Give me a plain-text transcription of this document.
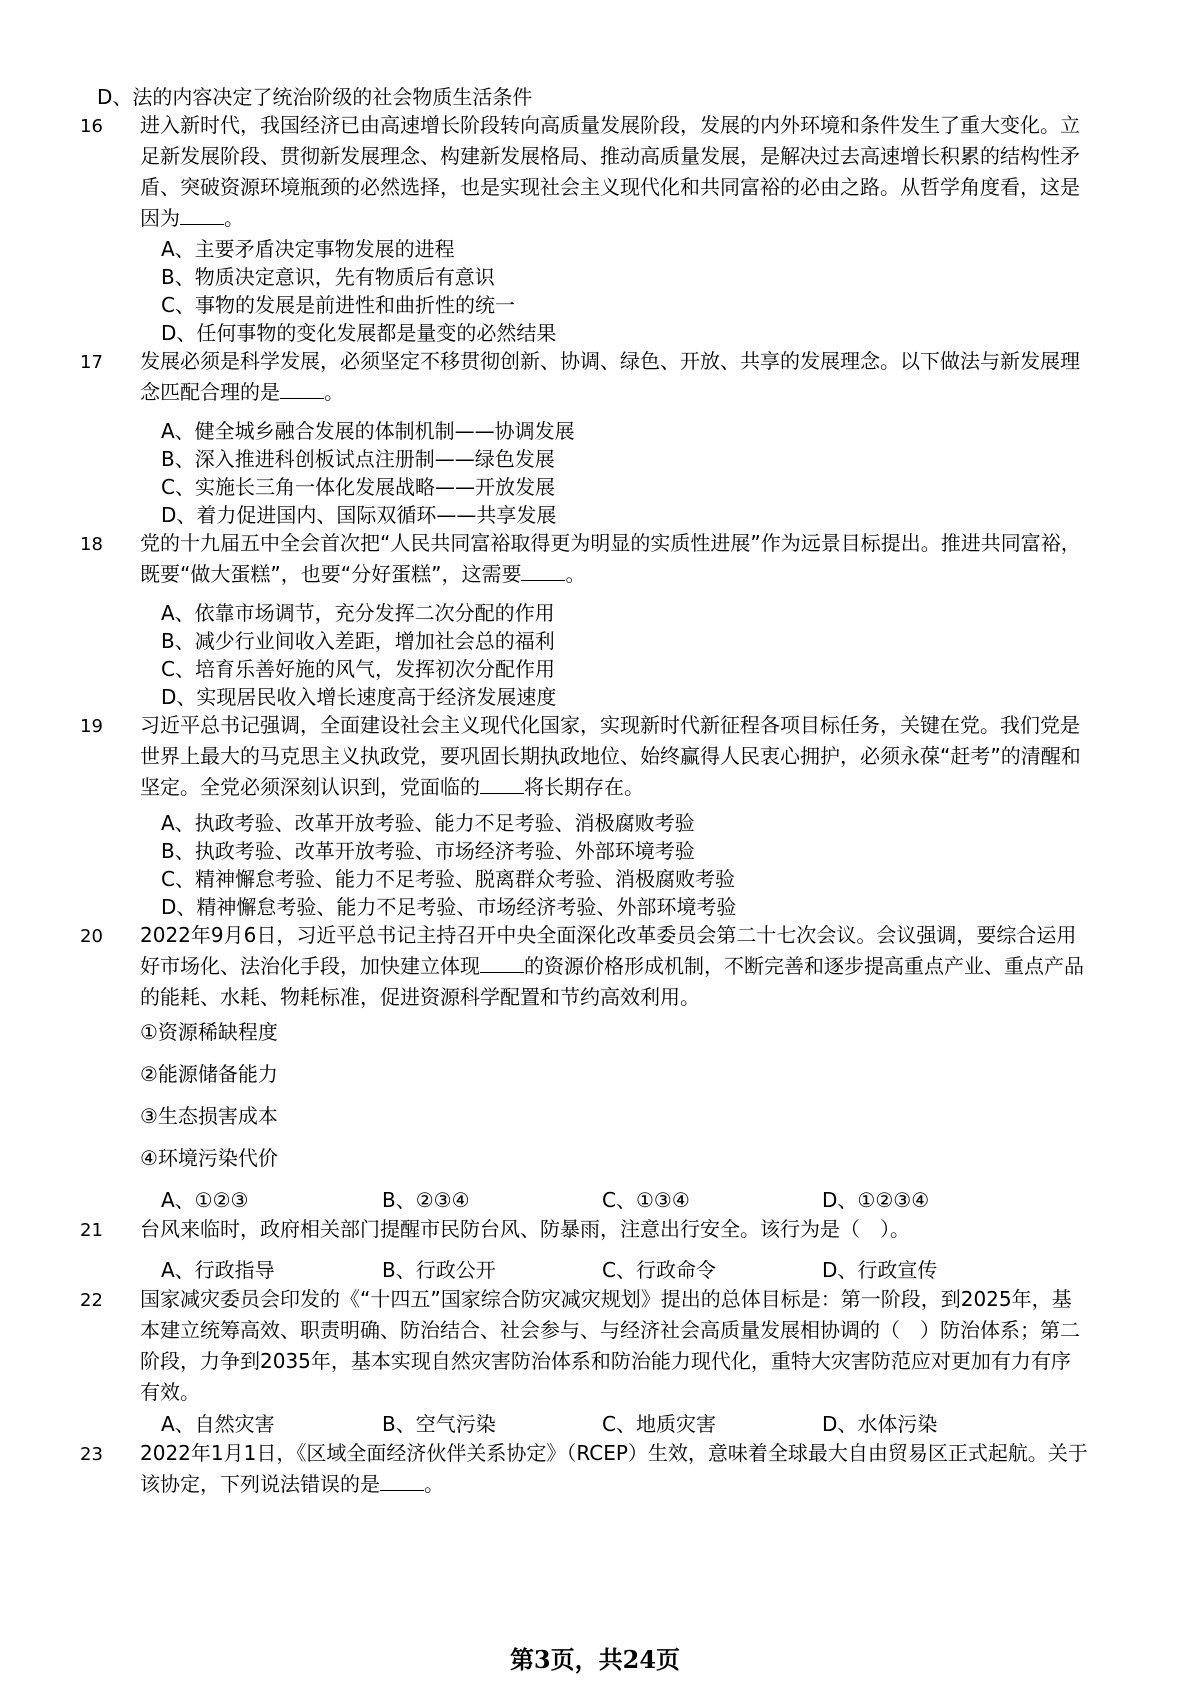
D、法的内容决定了统治阶级的社会物质生活条件
16	进入新时代，我国经济已由高速增长阶段转向高质量发展阶段，发展的内外环境和条件发生了重大变化。立足新发展阶段、贯彻新发展理念、构建新发展格局、推动高质量发展，是解决过去高速增长积累的结构性矛盾、突破资源环境瓶颈的必然选择，也是实现社会主义现代化和共同富裕的必由之路。从哲学角度看，这是因为 。
A、主要矛盾决定事物发展的进程
B、物质决定意识，先有物质后有意识
C、事物的发展是前进性和曲折性的统一
D、任何事物的变化发展都是量变的必然结果
17	发展必须是科学发展，必须坚定不移贯彻创新、协调、绿色、开放、共享的发展理念。以下做法与新发展理念匹配合理的是 。
A、健全城乡融合发展的体制机制——协调发展
B、深入推进科创板试点注册制——绿色发展
C、实施长三角一体化发展战略——开放发展
D、着力促进国内、国际双循环——共享发展
18	党的十九届五中全会首次把“人民共同富裕取得更为明显的实质性进展”作为远景目标提出。推进共同富裕，既要“做大蛋糕”，也要“分好蛋糕”，这需要 。
A、依靠市场调节，充分发挥二次分配的作用
B、减少行业间收入差距，增加社会总的福利
C、培育乐善好施的风气，发挥初次分配作用
D、实现居民收入增长速度高于经济发展速度
19	习近平总书记强调，全面建设社会主义现代化国家，实现新时代新征程各项目标任务，关键在党。我们党是世界上最大的马克思主义执政党，要巩固长期执政地位、始终赢得人民衷心拥护，必须永葆“赶考”的清醒和坚定。全党必须深刻认识到，党面临的 将长期存在。
A、执政考验、改革开放考验、能力不足考验、消极腐败考验
B、执政考验、改革开放考验、市场经济考验、外部环境考验
C、精神懈怠考验、能力不足考验、脱离群众考验、消极腐败考验
D、精神懈怠考验、能力不足考验、市场经济考验、外部环境考验
20	2022年9月6日，习近平总书记主持召开中央全面深化改革委员会第二十七次会议。会议强调，要综合运用好市场化、法治化手段，加快建立体现 的资源价格形成机制，不断完善和逐步提高重点产业、重点产品的能耗、水耗、物耗标准，促进资源科学配置和节约高效利用。
①资源稀缺程度
②能源储备能力
③生态损害成本
④环境污染代价
A、①②③	B、②③④	C、①③④	D、①②③④
21	台风来临时，政府相关部门提醒市民防台风、防暴雨，注意出行安全。该行为是（　）。
A、行政指导	B、行政公开	C、行政命令	D、行政宣传
22	国家减灾委员会印发的《“十四五”国家综合防灾减灾规划》提出的总体目标是：第一阶段，到2025年，基本建立统筹高效、职责明确、防治结合、社会参与、与经济社会高质量发展相协调的（　）防治体系；第二阶段，力争到2035年，基本实现自然灾害防治体系和防治能力现代化，重特大灾害防范应对更加有力有序有效。
A、自然灾害	B、空气污染	C、地质灾害	D、水体污染
23	2022年1月1日，《区域全面经济伙伴关系协定》（RCEP）生效，意味着全球最大自由贸易区正式起航。关于该协定，下列说法错误的是 。
第3页，共24页
